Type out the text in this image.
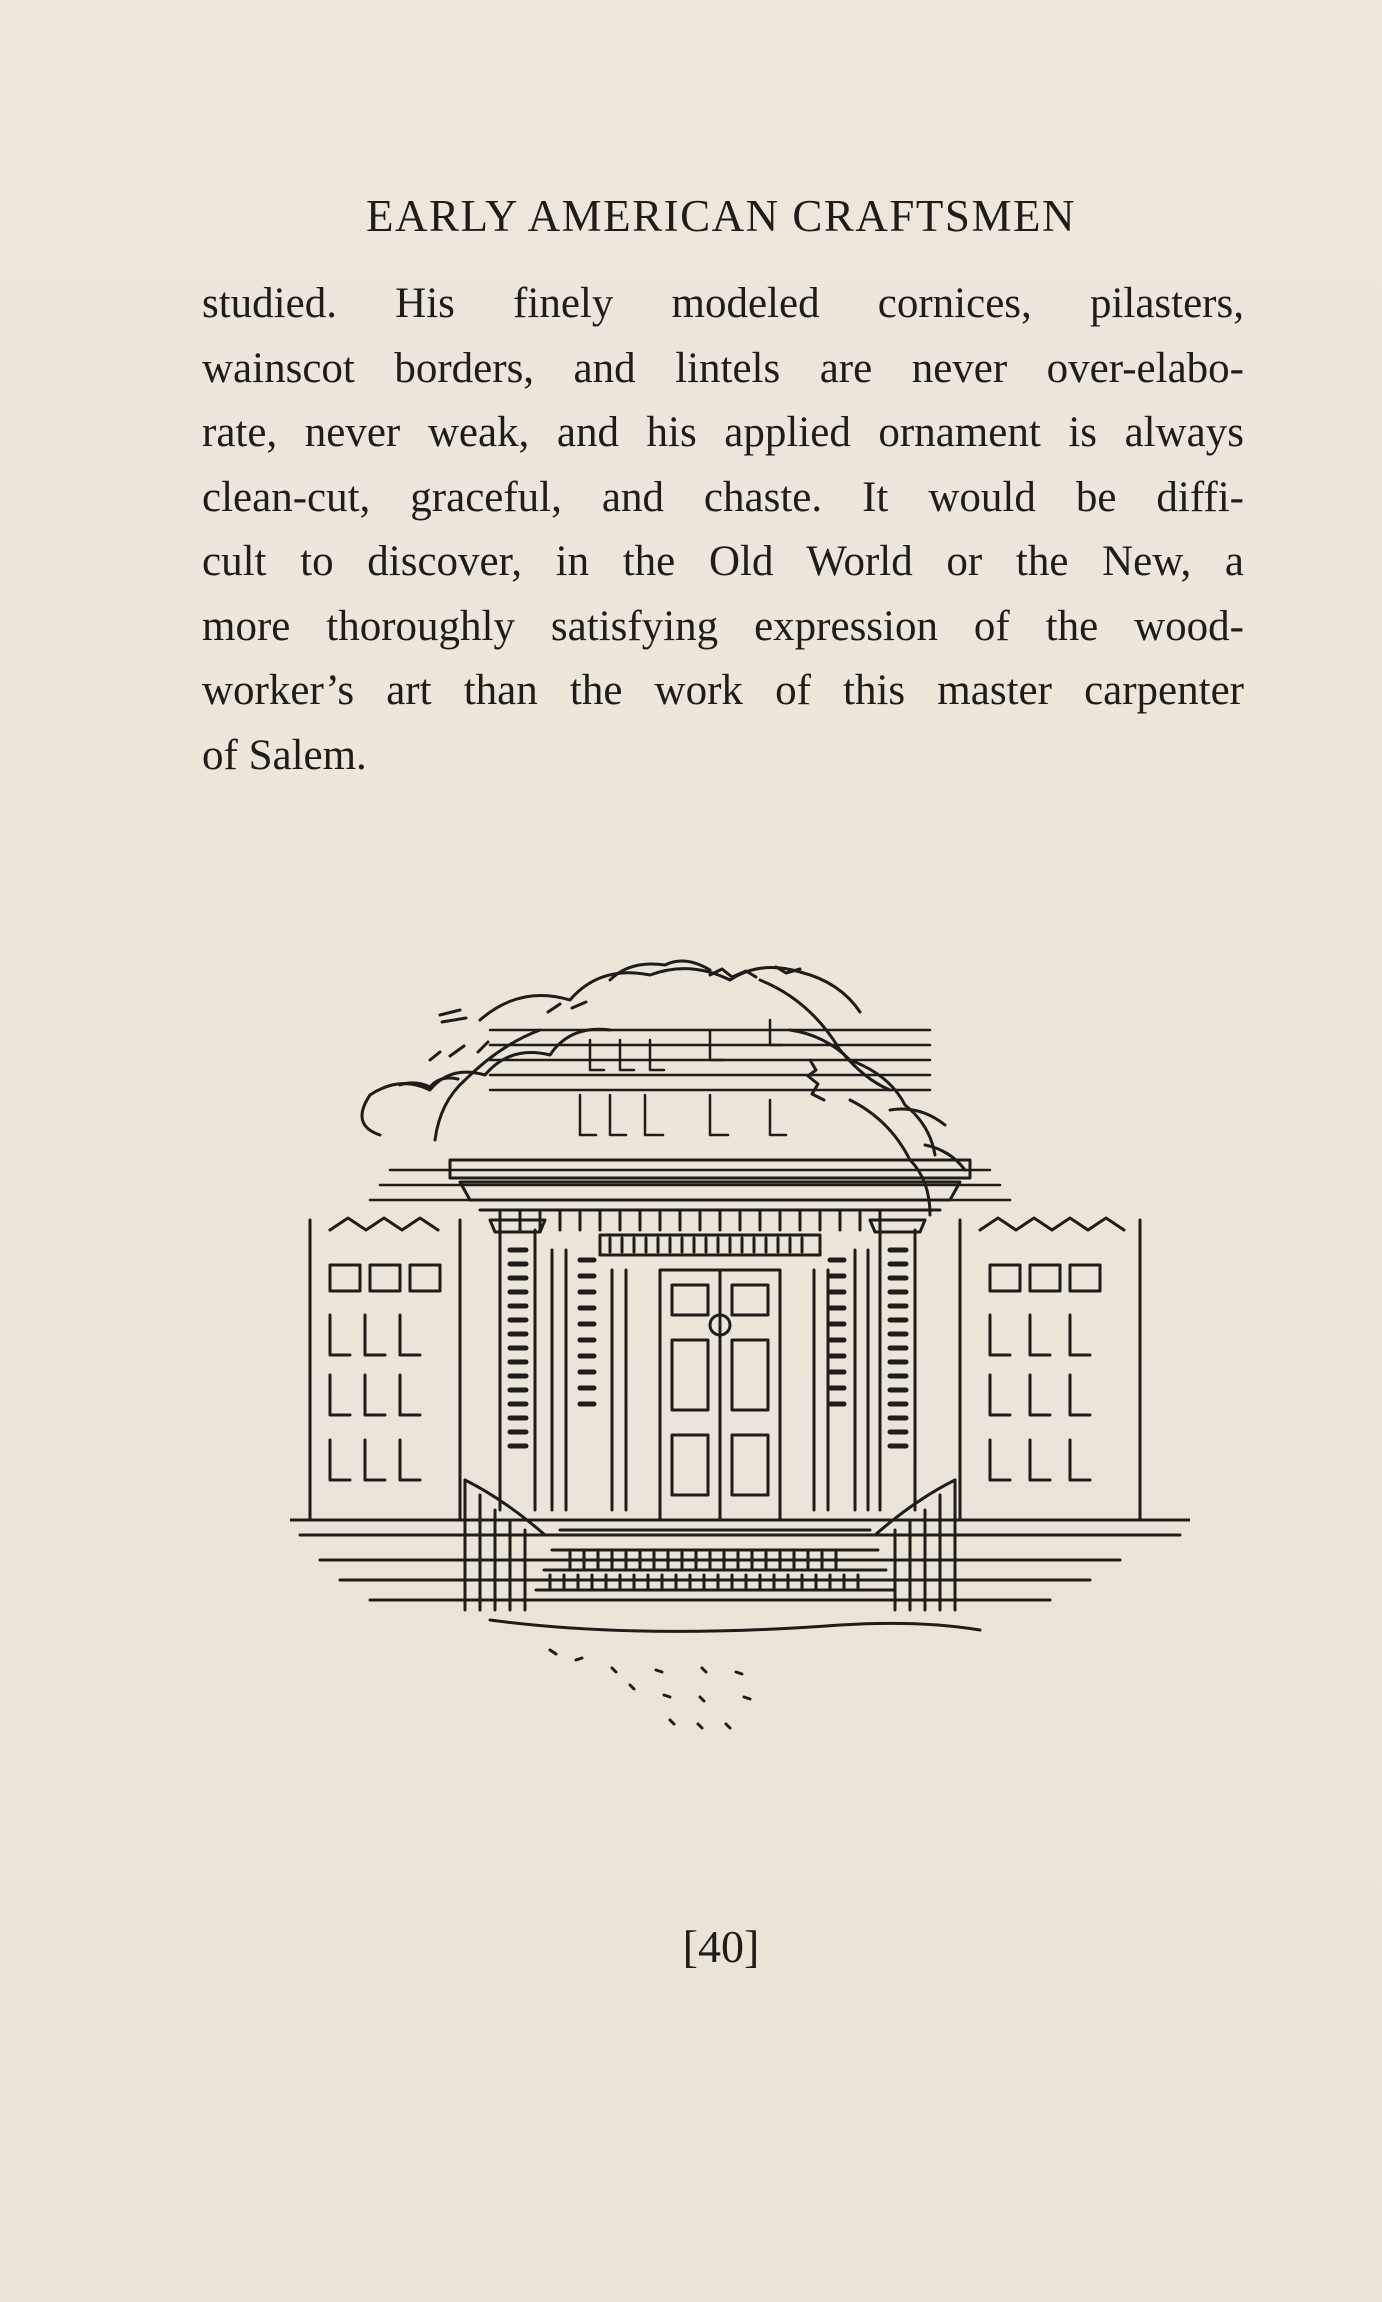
EARLY AMERICAN CRAFTSMEN
studied. His finely modeled cornices, pilasters,
wainscot borders, and lintels are never over-elabo-
rate, never weak, and his applied ornament is always
clean-cut, graceful, and chaste. It would be diffi-
cult to discover, in the Old World or the New, a
more thoroughly satisfying expression of the wood-
worker’s art than the work of this master carpenter
of Salem.
[40]
